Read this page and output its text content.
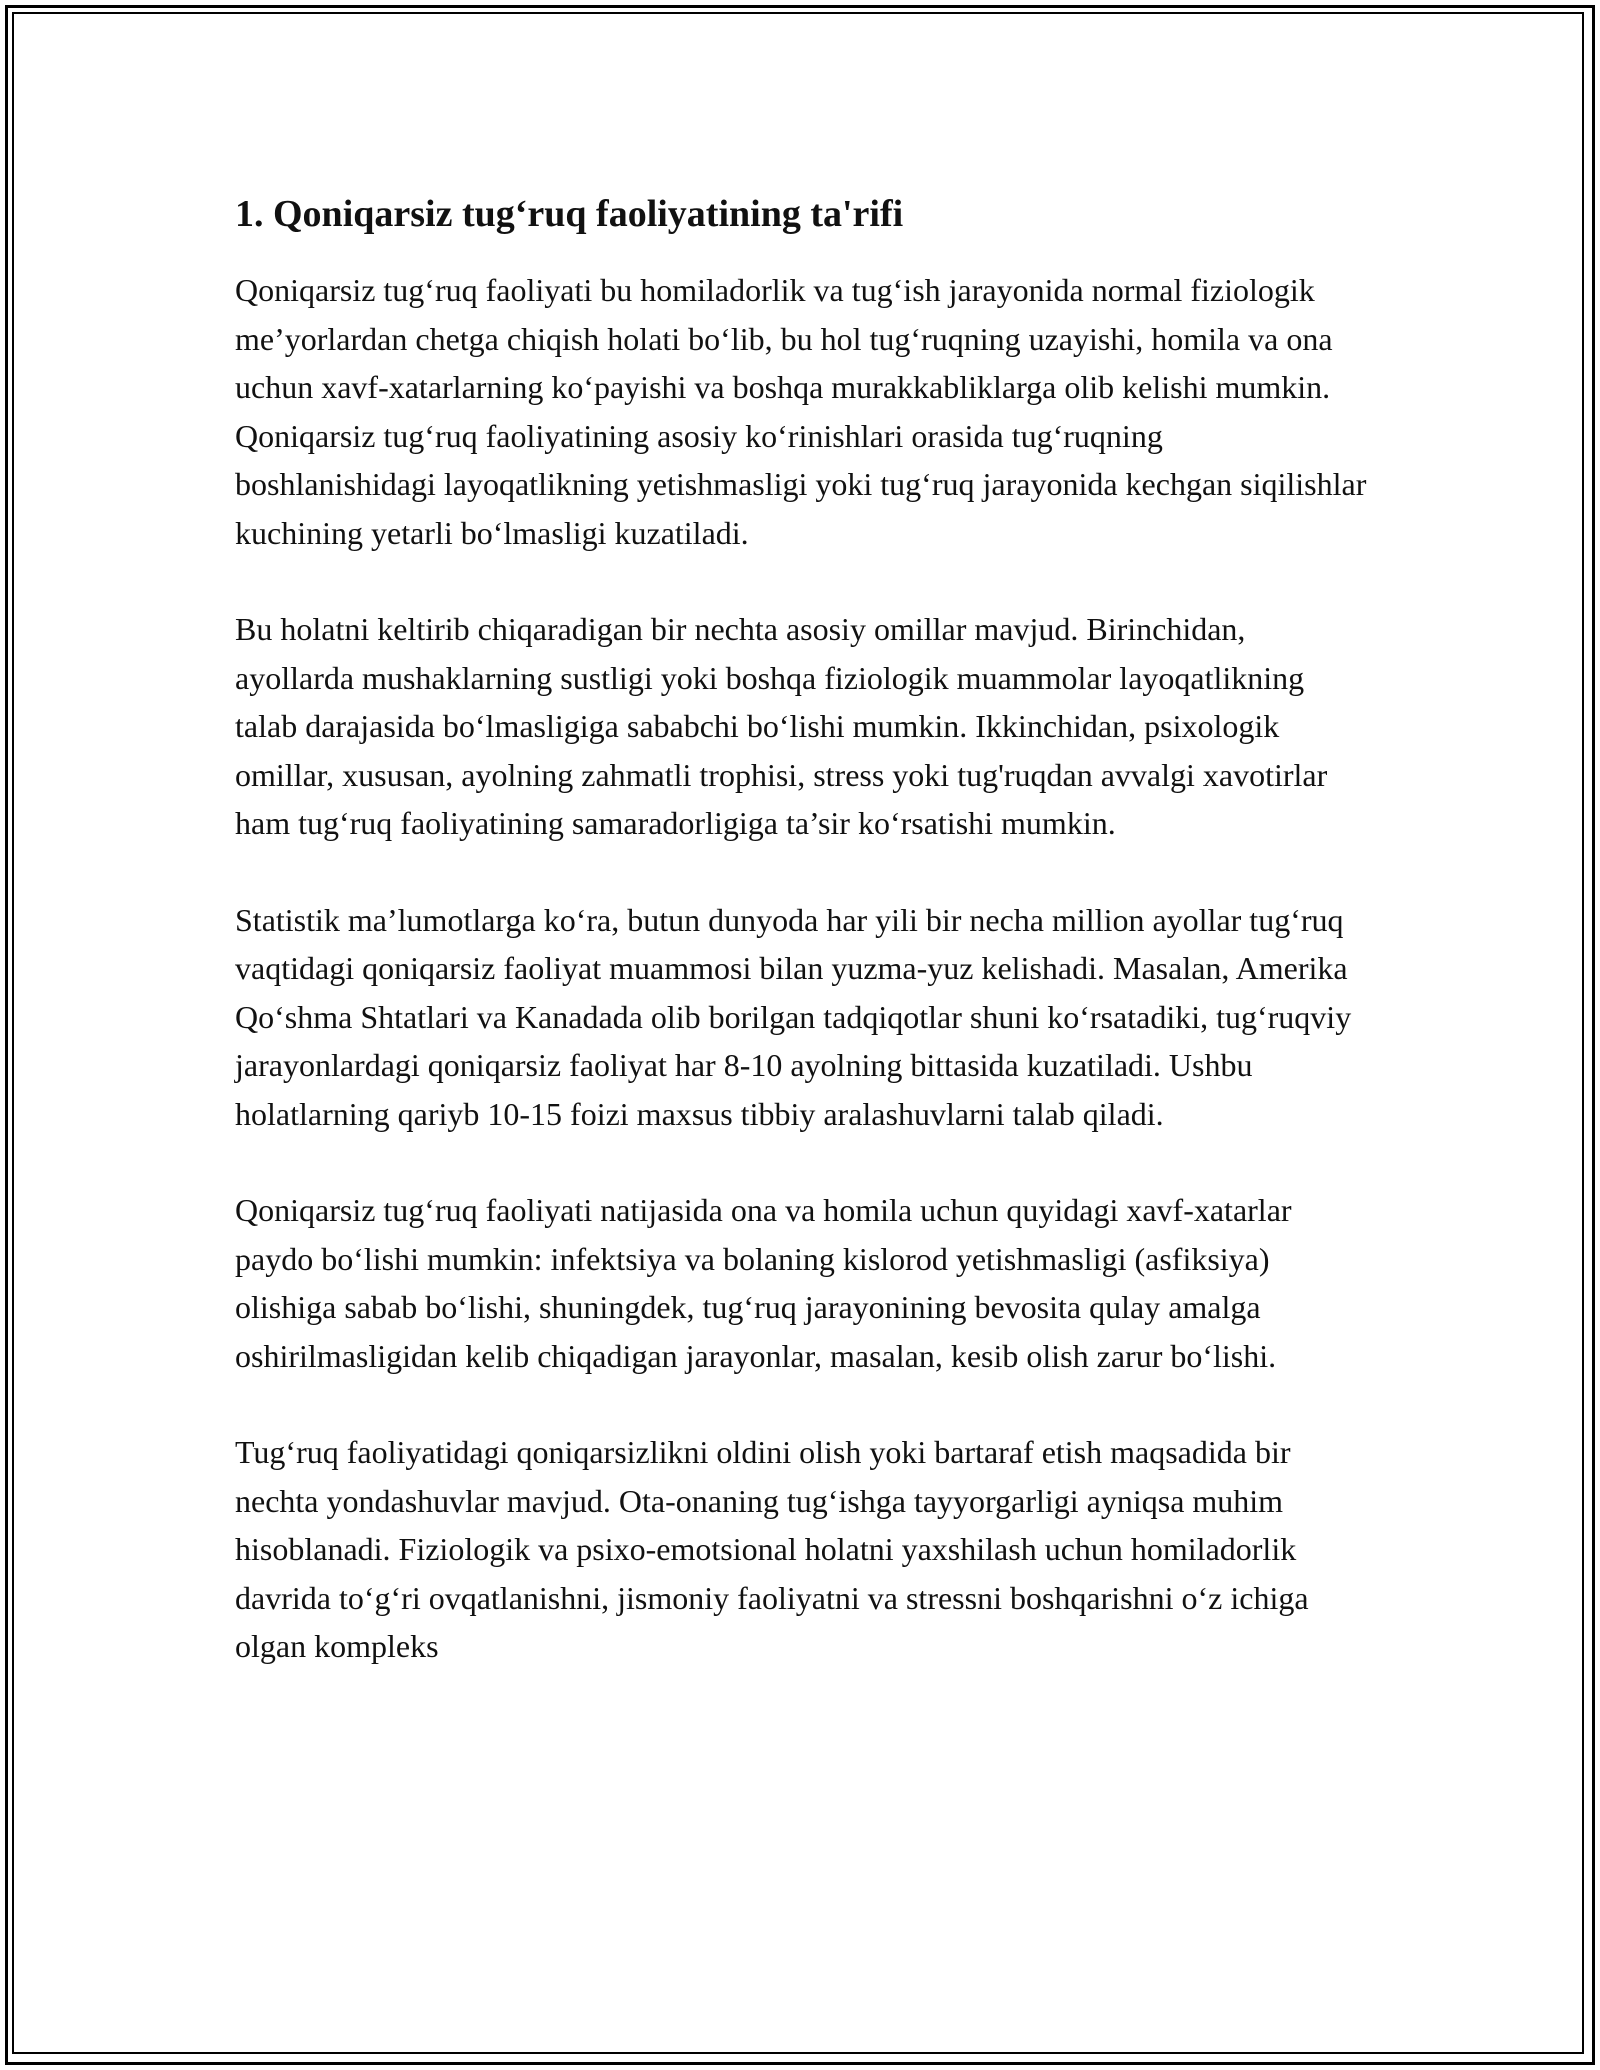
1. Qoniqarsiz tug‘ruq faoliyatining ta'rifi

Qoniqarsiz tug‘ruq faoliyati bu homiladorlik va tug‘ish jarayonida normal fiziologik me’yorlardan chetga chiqish holati bo‘lib, bu hol tug‘ruqning uzayishi, homila va ona uchun xavf-xatarlarning ko‘payishi va boshqa murakkabliklarga olib kelishi mumkin. Qoniqarsiz tug‘ruq faoliyatining asosiy ko‘rinishlari orasida tug‘ruqning boshlanishidagi layoqatlikning yetishmasligi yoki tug‘ruq jarayonida kechgan siqilishlar kuchining yetarli bo‘lmasligi kuzatiladi.

Bu holatni keltirib chiqaradigan bir nechta asosiy omillar mavjud. Birinchidan, ayollarda mushaklarning sustligi yoki boshqa fiziologik muammolar layoqatlikning talab darajasida bo‘lmasligiga sababchi bo‘lishi mumkin. Ikkinchidan, psixologik omillar, xususan, ayolning zahmatli trophisi, stress yoki tug'ruqdan avvalgi xavotirlar ham tug‘ruq faoliyatining samaradorligiga ta’sir ko‘rsatishi mumkin.

Statistik ma’lumotlarga ko‘ra, butun dunyoda har yili bir necha million ayollar tug‘ruq vaqtidagi qoniqarsiz faoliyat muammosi bilan yuzma-yuz kelishadi. Masalan, Amerika Qo‘shma Shtatlari va Kanadada olib borilgan tadqiqotlar shuni ko‘rsatadiki, tug‘ruqviy jarayonlardagi qoniqarsiz faoliyat har 8-10 ayolning bittasida kuzatiladi. Ushbu holatlarning qariyb 10-15 foizi maxsus tibbiy aralashuvlarni talab qiladi.

Qoniqarsiz tug‘ruq faoliyati natijasida ona va homila uchun quyidagi xavf-xatarlar paydo bo‘lishi mumkin: infektsiya va bolaning kislorod yetishmasligi (asfiksiya) olishiga sabab bo‘lishi, shuningdek, tug‘ruq jarayonining bevosita qulay amalga oshirilmasligidan kelib chiqadigan jarayonlar, masalan, kesib olish zarur bo‘lishi.

Tug‘ruq faoliyatidagi qoniqarsizlikni oldini olish yoki bartaraf etish maqsadida bir nechta yondashuvlar mavjud. Ota-onaning tug‘ishga tayyorgarligi ayniqsa muhim hisoblanadi. Fiziologik va psixo-emotsional holatni yaxshilash uchun homiladorlik davrida to‘g‘ri ovqatlanishni, jismoniy faoliyatni va stressni boshqarishni o‘z ichiga olgan kompleks
